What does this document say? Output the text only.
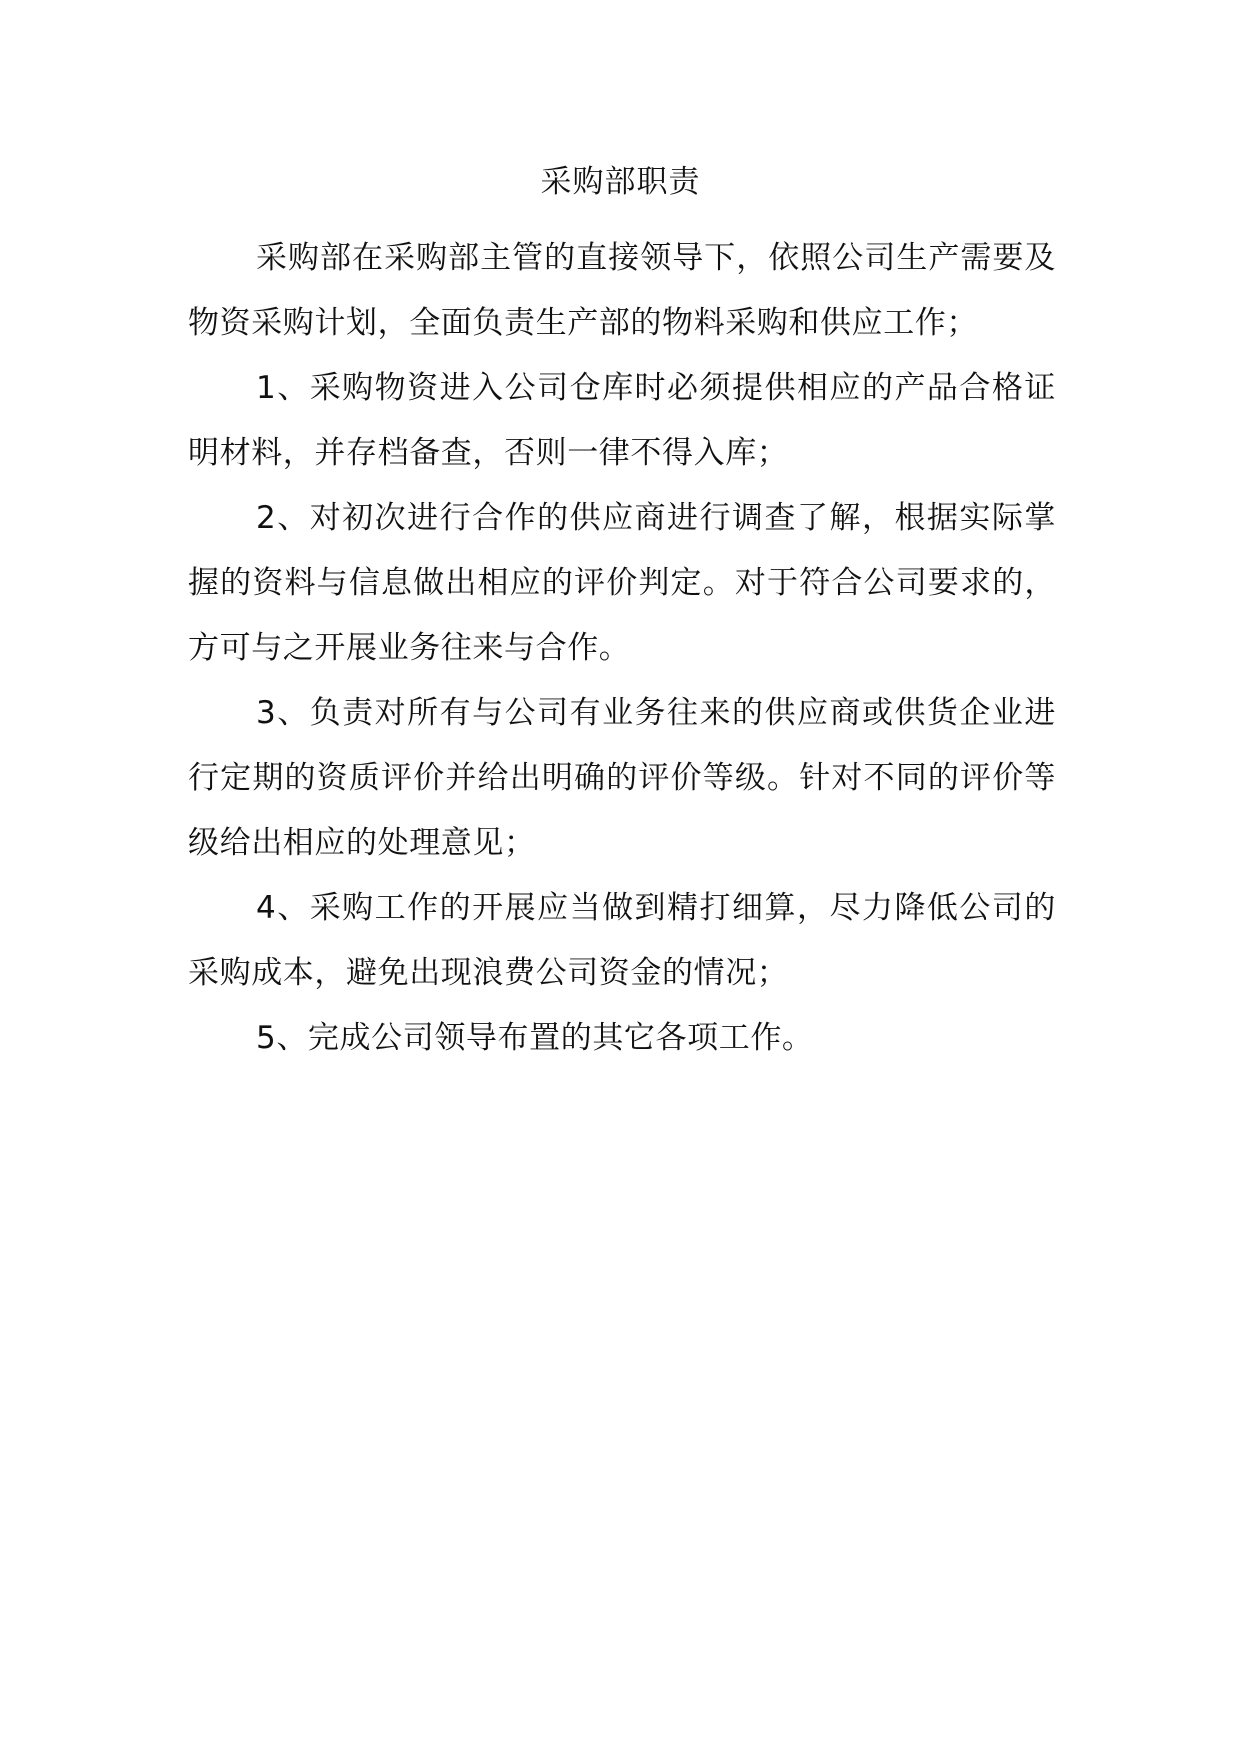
采购部职责

采购部在采购部主管的直接领导下，依照公司生产需要及物资采购计划，全面负责生产部的物料采购和供应工作；

1、采购物资进入公司仓库时必须提供相应的产品合格证明材料，并存档备查，否则一律不得入库；

2、对初次进行合作的供应商进行调查了解，根据实际掌握的资料与信息做出相应的评价判定。对于符合公司要求的，方可与之开展业务往来与合作。

3、负责对所有与公司有业务往来的供应商或供货企业进行定期的资质评价并给出明确的评价等级。针对不同的评价等级给出相应的处理意见；

4、采购工作的开展应当做到精打细算，尽力降低公司的采购成本，避免出现浪费公司资金的情况；

5、完成公司领导布置的其它各项工作。
